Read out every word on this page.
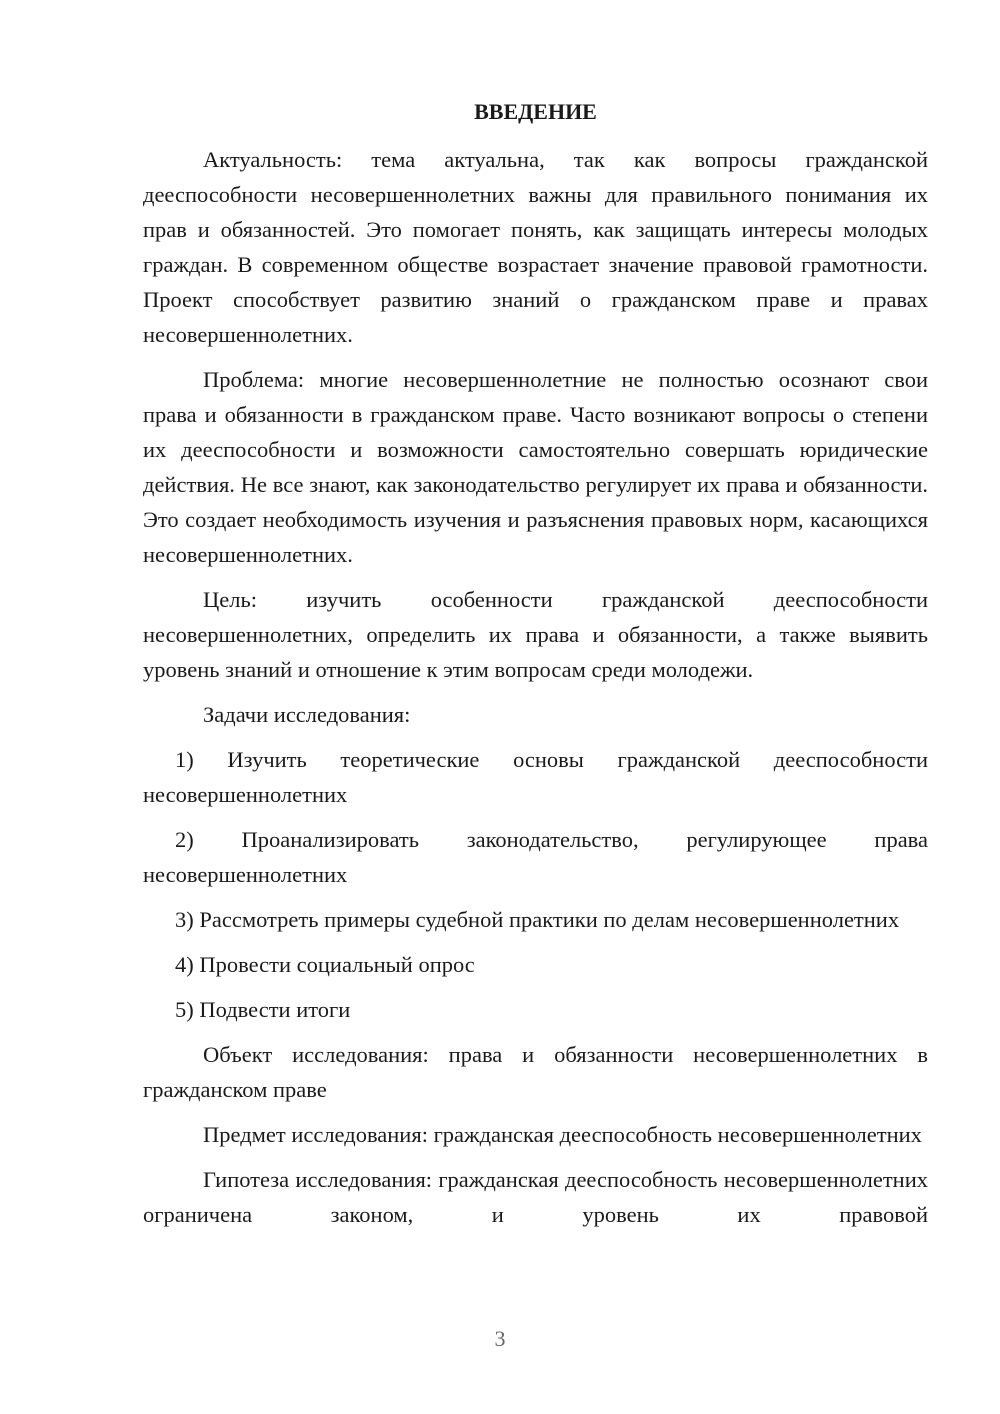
ВВЕДЕНИЕ

Актуальность: тема актуальна, так как вопросы гражданской дееспособности несовершеннолетних важны для правильного понимания их прав и обязанностей. Это помогает понять, как защищать интересы молодых граждан. В современном обществе возрастает значение правовой грамотности. Проект способствует развитию знаний о гражданском праве и правах несовершеннолетних.

Проблема: многие несовершеннолетние не полностью осознают свои права и обязанности в гражданском праве. Часто возникают вопросы о степени их дееспособности и возможности самостоятельно совершать юридические действия. Не все знают, как законодательство регулирует их права и обязанности. Это создает необходимость изучения и разъяснения правовых норм, касающихся несовершеннолетних.

Цель: изучить особенности гражданской дееспособности несовершеннолетних, определить их права и обязанности, а также выявить уровень знаний и отношение к этим вопросам среди молодежи.

Задачи исследования:

1) Изучить теоретические основы гражданской дееспособности несовершеннолетних

2) Проанализировать законодательство, регулирующее права несовершеннолетних

3) Рассмотреть примеры судебной практики по делам несовершеннолетних

4) Провести социальный опрос

5) Подвести итоги

Объект исследования: права и обязанности несовершеннолетних в гражданском праве

Предмет исследования: гражданская дееспособность несовершеннолетних

Гипотеза исследования: гражданская дееспособность несовершеннолетних ограничена законом, и уровень их правовой

3
